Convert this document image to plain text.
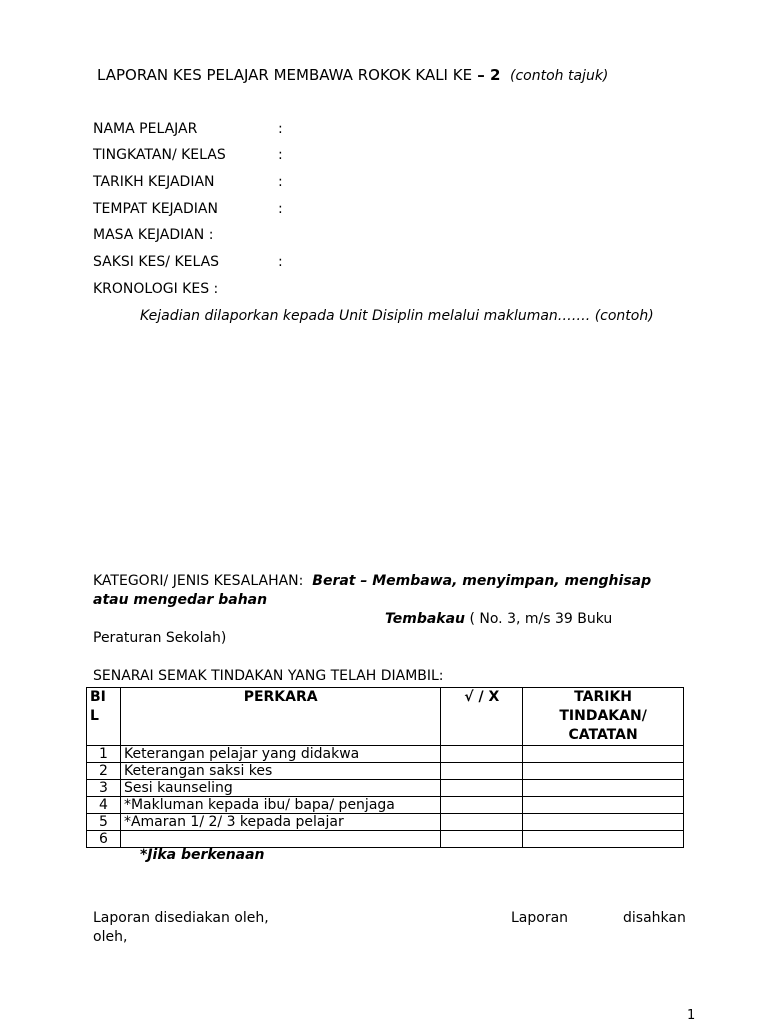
LAPORAN KES PELAJAR MEMBAWA ROKOK KALI KE – 2 (contoh tajuk)
NAMA PELAJAR	:
TINGKATAN/ KELAS	:
TARIKH KEJADIAN	:
TEMPAT KEJADIAN	:
MASA KEJADIAN :
SAKSI KES/ KELAS	:
KRONOLOGI KES :
Kejadian dilaporkan kepada Unit Disiplin melalui makluman……. (contoh)
KATEGORI/ JENIS KESALAHAN: Berat – Membawa, menyimpan, menghisap
atau mengedar bahan
Tembakau ( No. 3, m/s 39 Buku
Peraturan Sekolah)
SENARAI SEMAK TINDAKAN YANG TELAH DIAMBIL:
BI
L	PERKARA	√ / X	TARIKH
TINDAKAN/
CATATAN
1	Keterangan pelajar yang didakwa		
2	Keterangan saksi kes		
3	Sesi kaunseling		
4	*Makluman kepada ibu/ bapa/ penjaga		
5	*Amaran 1/ 2/ 3 kepada pelajar		
6			
*Jika berkenaan
Laporan disediakan oleh,	Laporan	disahkan
oleh,
1
